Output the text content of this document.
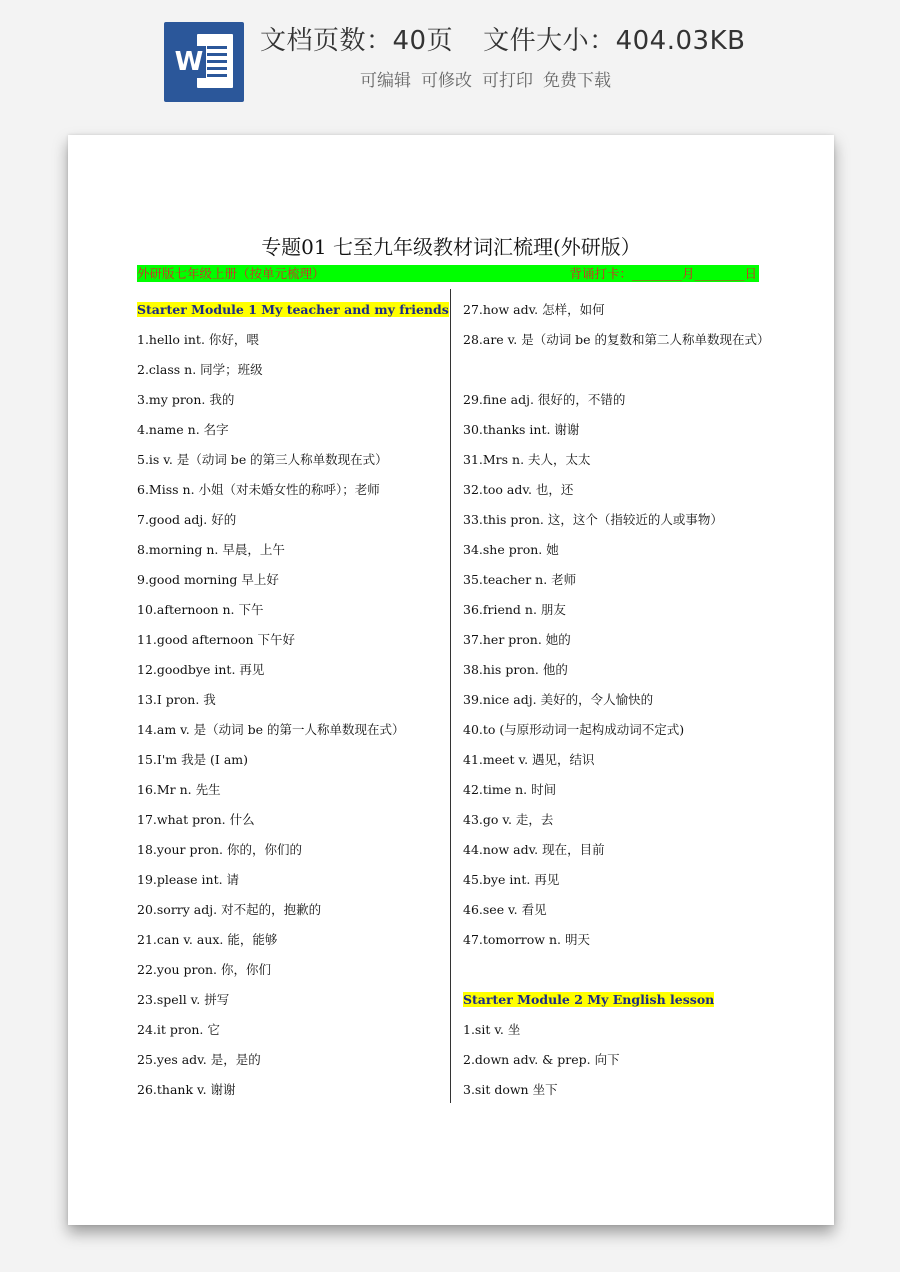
W
文档页数：40页 文件大小：404.03KB
可编辑 可修改 可打印 免费下载
专题01 七至九年级教材词汇梳理(外研版）
外研版七年级上册（按单元梳理）	背诵打卡：________月________日
Starter Module 1 My teacher and my friends
1.hello int. 你好，喂
2.class n. 同学；班级
3.my pron. 我的
4.name n. 名字
5.is v. 是（动词 be 的第三人称单数现在式）
6.Miss n. 小姐（对未婚女性的称呼）；老师
7.good adj. 好的
8.morning n. 早晨，上午
9.good morning 早上好
10.afternoon n. 下午
11.good afternoon 下午好
12.goodbye int. 再见
13.I pron. 我
14.am v. 是（动词 be 的第一人称单数现在式）
15.I'm 我是 (I am)
16.Mr n. 先生
17.what pron. 什么
18.your pron. 你的，你们的
19.please int. 请
20.sorry adj. 对不起的，抱歉的
21.can v. aux. 能，能够
22.you pron. 你，你们
23.spell v. 拼写
24.it pron. 它
25.yes adv. 是，是的
26.thank v. 谢谢
27.how adv. 怎样，如何
28.are v. 是（动词 be 的复数和第二人称单数现在式）
29.fine adj. 很好的，不错的
30.thanks int. 谢谢
31.Mrs n. 夫人，太太
32.too adv. 也，还
33.this pron. 这，这个（指较近的人或事物）
34.she pron. 她
35.teacher n. 老师
36.friend n. 朋友
37.her pron. 她的
38.his pron. 他的
39.nice adj. 美好的，令人愉快的
40.to (与原形动词一起构成动词不定式)
41.meet v. 遇见，结识
42.time n. 时间
43.go v. 走，去
44.now adv. 现在，目前
45.bye int. 再见
46.see v. 看见
47.tomorrow n. 明天
Starter Module 2 My English lesson
1.sit v. 坐
2.down adv. & prep. 向下
3.sit down 坐下
